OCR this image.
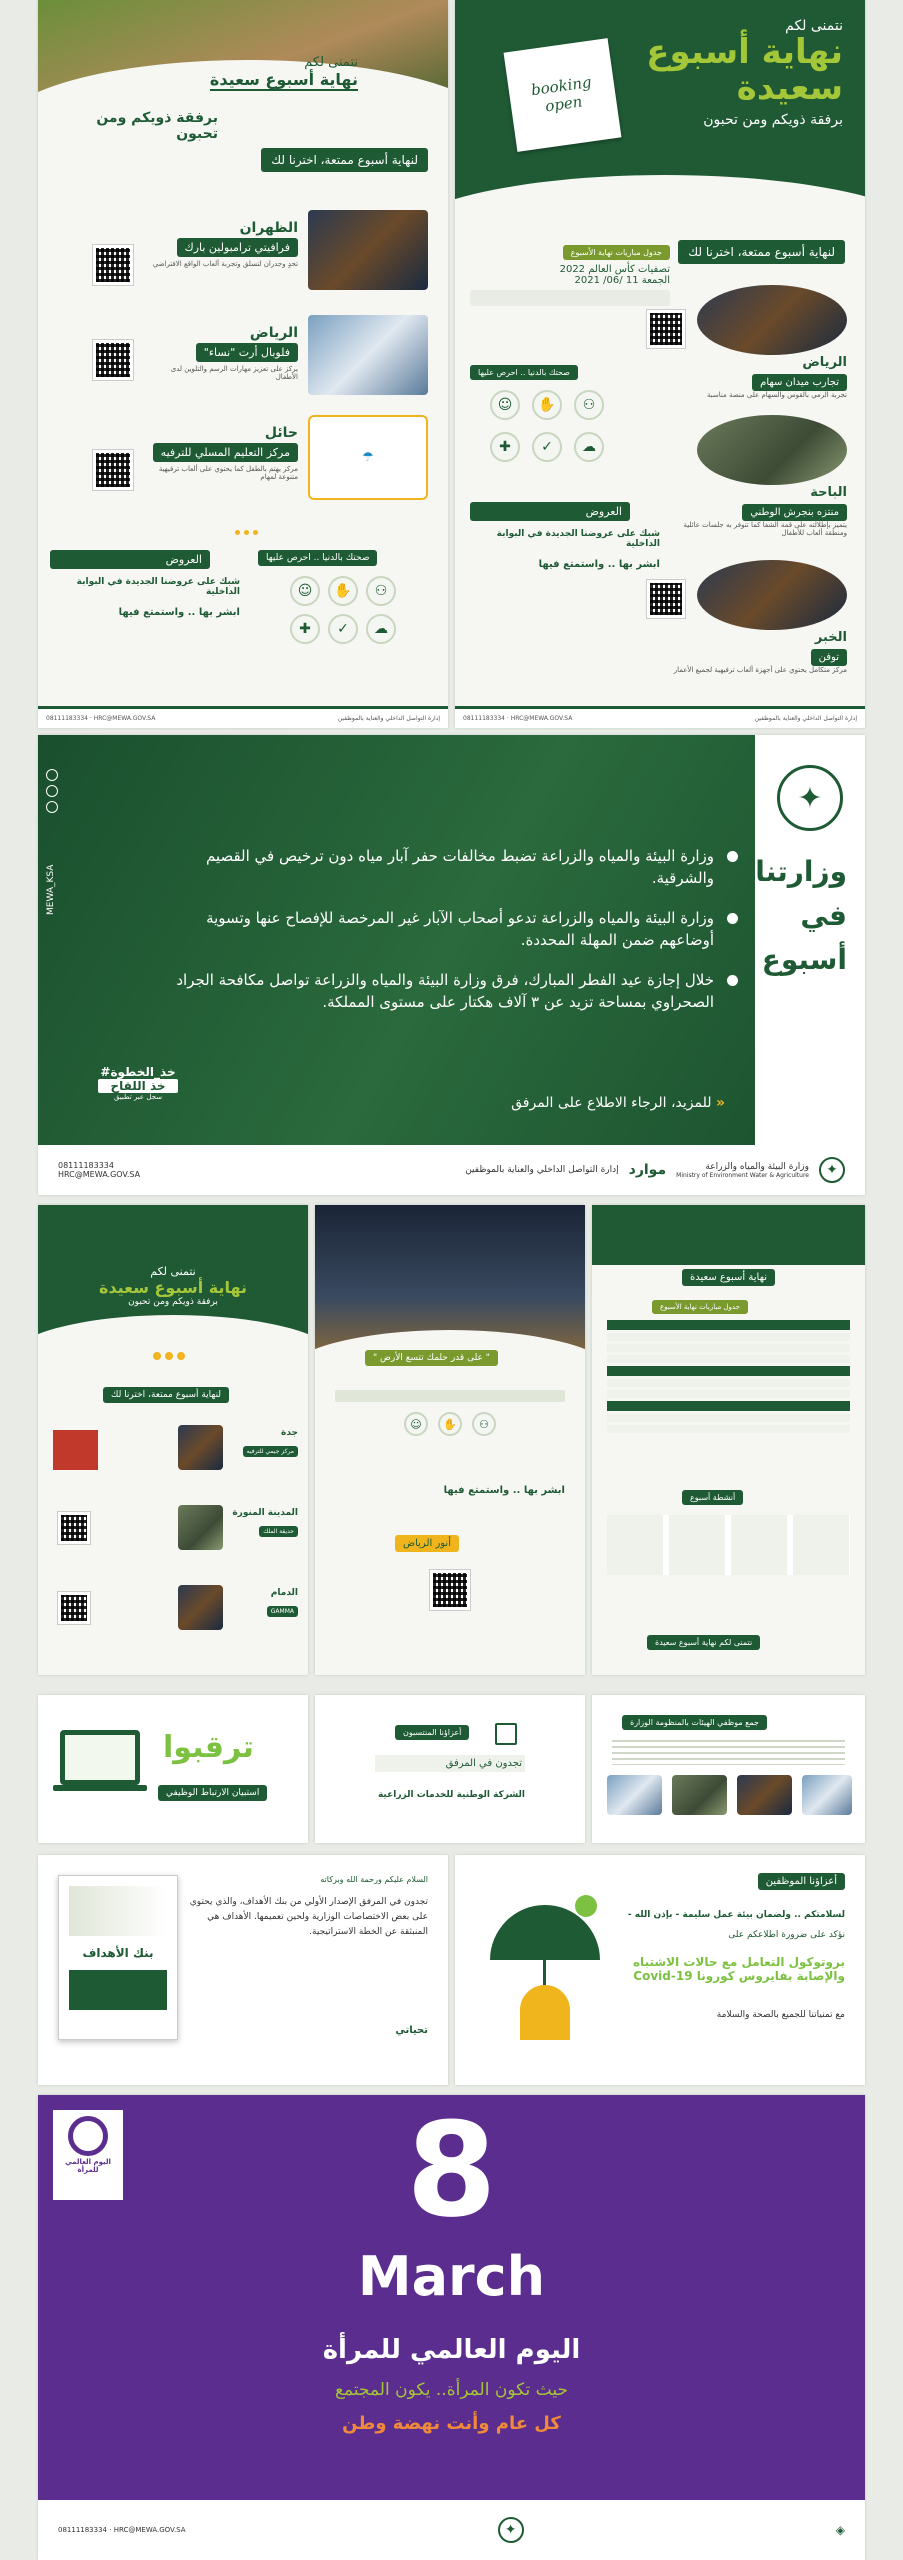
نتمنى لكم
نهاية أسبوع سعيدة
برفقة ذويكم ومن تحبون
لنهاية أسبوع ممتعة، اخترنا لك
الظهران
فرافيتي ترامبولين بارك
تحدٍ وجدران لتسلق وتجربة ألعاب الواقع الافتراضي
الرياض
فلوبال أرت "نساء"
يركز على تعزيز مهارات الرسم والتلوين لدى الأطفال
☂
حائل
مركز التعليم المسلي للترفيه
مركز يهتم بالطفل كما يحتوي على ألعاب ترفيهية متنوعة لمهام
صحتك بالدنيا .. احرص عليها
☺	✋	⚇
✚	✓	☁
العروض
شبك على عروضنا الجديدة في البوابة الداخلية
ابشر بها .. واستمتع فيها
08111183334 · HRC@MEWA.GOV.SA	إدارة التواصل الداخلي والعناية بالموظفين
booking open
نتمنى لكم
نهاية أسبوع سعيدة
برفقة ذويكم ومن تحبون
لنهاية أسبوع ممتعة، اخترنا لك
جدول مباريات نهاية الأسبوع
تصفيات كأس العالم 2022
الجمعة 11 /06/ 2021
صحتك بالدنيا .. احرص عليها
☺	✋	⚇
✚	✓	☁
العروض
شبك على عروضنا الجديدة في البوابة الداخلية
ابشر بها .. واستمتع فيها
الرياض
تجارب ميدان سهام
تجربة الرمي بالقوس والسهام على منصة مناسبة
الباحة
منتزه بنجرش الوطني
يتميز بإطلالته على قمة الشفا كما تتوفر به جلسات عائلية ومنطقة ألعاب للأطفال
الخبر
توفن
مركز متكامل يحتوي على أجهزة ألعاب ترفيهية لجميع الأعمار
08111183334 · HRC@MEWA.GOV.SA	إدارة التواصل الداخلي والعناية بالموظفين
✦
وزارتنا
في
أسبوع
وزارة البيئة والمياه والزراعة تضبط مخالفات حفر آبار مياه دون ترخيص في القصيم والشرقية.
وزارة البيئة والمياه والزراعة تدعو أصحاب الآبار غير المرخصة للإفصاح عنها وتسوية أوضاعهم ضمن المهلة المحددة.
خلال إجازة عيد الفطر المبارك، فرق وزارة البيئة والمياه والزراعة تواصل مكافحة الجراد الصحراوي بمساحة تزيد عن ٣ آلاف هكتار على مستوى المملكة.
« للمزيد، الرجاء الاطلاع على المرفق
MEWA_KSA
#خذ_الخطوة
خذ اللقاح
سجل عبر تطبيق
08111183334
HRC@MEWA.GOV.SA	إدارة التواصل الداخلي والعناية بالموظفين موارد	وزارة البيئة والمياه والزراعة
Ministry of Environment Water & Agriculture	✦
نتمنى لكم
نهاية أسبوع سعيدة
برفقة ذويكم ومن تحبون
لنهاية أسبوع ممتعة، اخترنا لك
جدة
مركز جيمي للترفيه
المدينة المنورة
حديقة الملك
الدمام
GAMMA
" على قدر حلمك تتسع الأرض "
☺	✋	⚇
ابشر بها .. واستمتع فيها
أنور الرياض
نتمنى لكم
نهاية أسبوع سعيدة
جدول مباريات نهاية الأسبوع
أنشطة أسبوع
نتمنى لكم نهاية أسبوع سعيدة
ترقبوا
استبيان الارتباط الوظيفي
أعزاؤنا المنتسبون
تجدون في المرفق
الشركة الوطنية للخدمات الزراعية
جمع موظفي الهيئات بالمنظومة الوزارة
بنك الأهداف
السلام عليكم ورحمة الله وبركاته
تجدون في المرفق الإصدار الأولي من بنك الأهداف، والذي يحتوي على بعض الاختصاصات الوزارية ولحين تعميمها. الأهداف هي المنبثقة عن الخطة الاستراتيجية.
تحياتي
أعزاؤنا الموظفين
لسلامتكم .. ولضمان بيئة عمل سليمة - بإذن الله -
نؤكد على ضرورة اطلاعكم على
بروتوكول التعامل مع حالات الاشتباه والإصابة بفايروس كورونا Covid-19
مع تمنياتنا للجميع بالصحة والسلامة
اليوم العالمي للمرأة	8
March
اليوم العالمي للمرأة
حيث تكون المرأة.. يكون المجتمع
كل عام وأنت نهضة وطن
08111183334 · HRC@MEWA.GOV.SA	✦	◈
